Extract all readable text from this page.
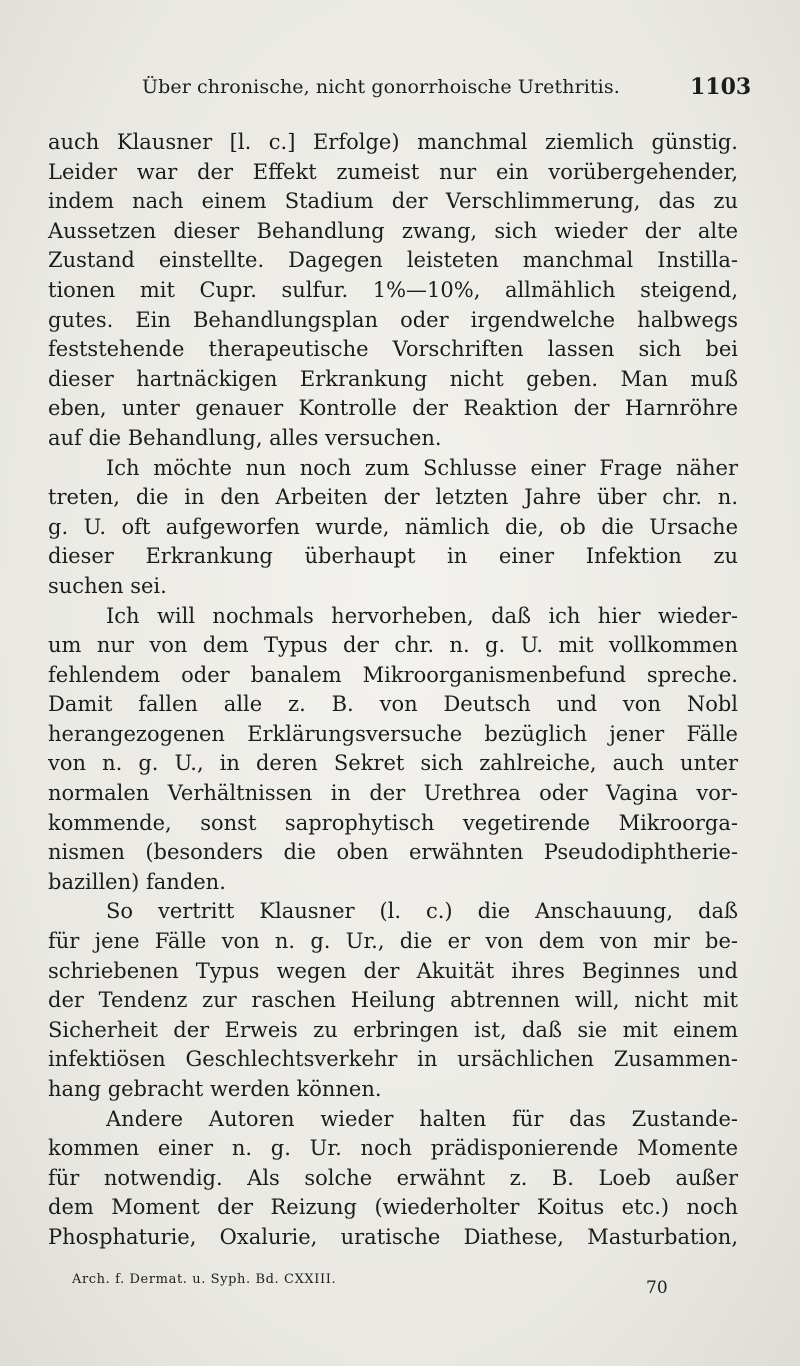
Über chronische, nicht gonorrhoische Urethritis.	1103
auch Klausner [l. c.] Erfolge) manchmal ziemlich günstig.
Leider war der Effekt zumeist nur ein vorübergehender,
indem nach einem Stadium der Verschlimmerung, das zu
Aussetzen dieser Behandlung zwang, sich wieder der alte
Zustand einstellte. Dagegen leisteten manchmal Instilla-
tionen mit Cupr. sulfur. 1%—10%, allmählich steigend,
gutes. Ein Behandlungsplan oder irgendwelche halbwegs
feststehende therapeutische Vorschriften lassen sich bei
dieser hartnäckigen Erkrankung nicht geben. Man muß
eben, unter genauer Kontrolle der Reaktion der Harnröhre
auf die Behandlung, alles versuchen.
Ich möchte nun noch zum Schlusse einer Frage näher
treten, die in den Arbeiten der letzten Jahre über chr. n.
g. U. oft aufgeworfen wurde, nämlich die, ob die Ursache
dieser Erkrankung überhaupt in einer Infektion zu
suchen sei.
Ich will nochmals hervorheben, daß ich hier wieder-
um nur von dem Typus der chr. n. g. U. mit vollkommen
fehlendem oder banalem Mikroorganismenbefund spreche.
Damit fallen alle z. B. von Deutsch und von Nobl
herangezogenen Erklärungsversuche bezüglich jener Fälle
von n. g. U., in deren Sekret sich zahlreiche, auch unter
normalen Verhältnissen in der Urethrea oder Vagina vor-
kommende, sonst saprophytisch vegetirende Mikroorga-
nismen (besonders die oben erwähnten Pseudodiphtherie-
bazillen) fanden.
So vertritt Klausner (l. c.) die Anschauung, daß
für jene Fälle von n. g. Ur., die er von dem von mir be-
schriebenen Typus wegen der Akuität ihres Beginnes und
der Tendenz zur raschen Heilung abtrennen will, nicht mit
Sicherheit der Erweis zu erbringen ist, daß sie mit einem
infektiösen Geschlechtsverkehr in ursächlichen Zusammen-
hang gebracht werden können.
Andere Autoren wieder halten für das Zustande-
kommen einer n. g. Ur. noch prädisponierende Momente
für notwendig. Als solche erwähnt z. B. Loeb außer
dem Moment der Reizung (wiederholter Koitus etc.) noch
Phosphaturie, Oxalurie, uratische Diathese, Masturbation,
Arch. f. Dermat. u. Syph. Bd. CXXIII.	70
